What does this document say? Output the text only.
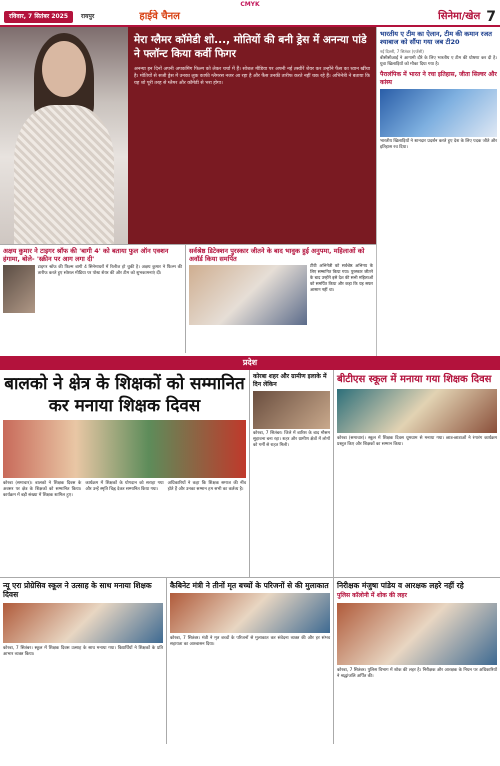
CMYK
रविवार, 7 सितंबर 2025	रायपुर	हाईवे चैनल	सिनेमा/खेल 7
मेरा ग्लैमर कॉमेडी शो..., मोतियों की बनी ड्रेस में अनन्या पांडे ने फ्लॉन्ट किया कर्वी फिगर
अनन्या इन दिनों अपनी अपकमिंग फिल्म को लेकर चर्चा में हैं। सोशल मीडिया पर अपनी नई तस्वीरें शेयर कर उन्होंने फैंस का ध्यान खींचा है। मोतियों से सजी ड्रेस में उनका लुक काफी ग्लैमरस नजर आ रहा है और फैंस उनकी तारीफ करते नहीं थक रहे हैं। अभिनेत्री ने बताया कि यह शो पूरी तरह से ग्लैमर और कॉमेडी से भरा होगा।
अक्षय कुमार ने टाइगर श्रॉफ की 'बागी 4' को बताया फुल ऑन एक्शन हंगामा, बोले- 'स्क्रीन पर आग लगा दी'
टाइगर श्रॉफ की फिल्म बागी 4 सिनेमाघरों में रिलीज हो चुकी है। अक्षय कुमार ने फिल्म की तारीफ करते हुए सोशल मीडिया पर पोस्ट शेयर की और टीम को शुभकामनाएं दीं।
सर्वश्रेष्ठ डिटेक्शन पुरस्कार जीतने के बाद भावुक हुई अनुपमा, महिलाओं को अवॉर्ड किया समर्पित
टीवी अभिनेत्री को सर्वश्रेष्ठ अभिनय के लिए सम्मानित किया गया। पुरस्कार जीतने के बाद उन्होंने इसे देश की सभी महिलाओं को समर्पित किया और कहा कि यह सफर आसान नहीं था।
भारतीय ए टीम का ऐलान, टीम की कमान रजत श्याबाज को सौंपा गया जब टी20
नई दिल्ली, 7 सितंबर (एजेंसी)
बीसीसीआई ने आगामी दौरे के लिए भारतीय ए टीम की घोषणा कर दी है। युवा खिलाड़ियों को मौका दिया गया है।
पैरालंपिक में भारत ने रचा इतिहास, जीता सिल्वर और कांस्य
भारतीय खिलाड़ियों ने शानदार प्रदर्शन करते हुए देश के लिए पदक जीते और इतिहास रच दिया।
प्रदेश
बालको ने क्षेत्र के शिक्षकों को सम्मानित कर मनाया शिक्षक दिवस
कोरबा (समाचार)। बालको ने शिक्षक दिवस के अवसर पर क्षेत्र के शिक्षकों को सम्मानित किया। कार्यक्रम में बड़ी संख्या में शिक्षक शामिल हुए।
कार्यक्रम में शिक्षकों के योगदान को सराहा गया और उन्हें स्मृति चिह्न देकर सम्मानित किया गया।
अधिकारियों ने कहा कि शिक्षक समाज की नींव होते हैं और उनका सम्मान हम सभी का कर्तव्य है।
कोरबा शहर और ग्रामीण इलाके में दिन लेकिन
कोरबा, 7 सितंबर। जिले में बारिश के बाद मौसम सुहावना बना रहा। शहर और ग्रामीण क्षेत्रों में लोगों को गर्मी से राहत मिली।
बीटीएस स्कूल में मनाया गया शिक्षक दिवस
कोरबा (समाचार)। स्कूल में शिक्षक दिवस धूमधाम से मनाया गया। छात्र-छात्राओं ने रंगारंग कार्यक्रम प्रस्तुत किए और शिक्षकों का सम्मान किया।
न्यू एरा प्रोग्रेसिव स्कूल ने उत्साह के साथ मनाया शिक्षक दिवस
कोरबा, 7 सितंबर। स्कूल में शिक्षक दिवस उत्साह के साथ मनाया गया। विद्यार्थियों ने शिक्षकों के प्रति आभार व्यक्त किया।
कैबिनेट मंत्री ने तीनों मृत बच्चों के परिजनों से की मुलाकात
कोरबा, 7 सितंबर। मंत्री ने मृत बच्चों के परिजनों से मुलाकात कर संवेदना व्यक्त की और हर संभव सहायता का आश्वासन दिया।
निरीक्षक मंजुषा पांडेय व आरक्षक लहरे नहीं रहे
पुलिस कॉलोनी में शोक की लहर
कोरबा, 7 सितंबर। पुलिस विभाग में शोक की लहर है। निरीक्षक और आरक्षक के निधन पर अधिकारियों ने श्रद्धांजलि अर्पित की।
